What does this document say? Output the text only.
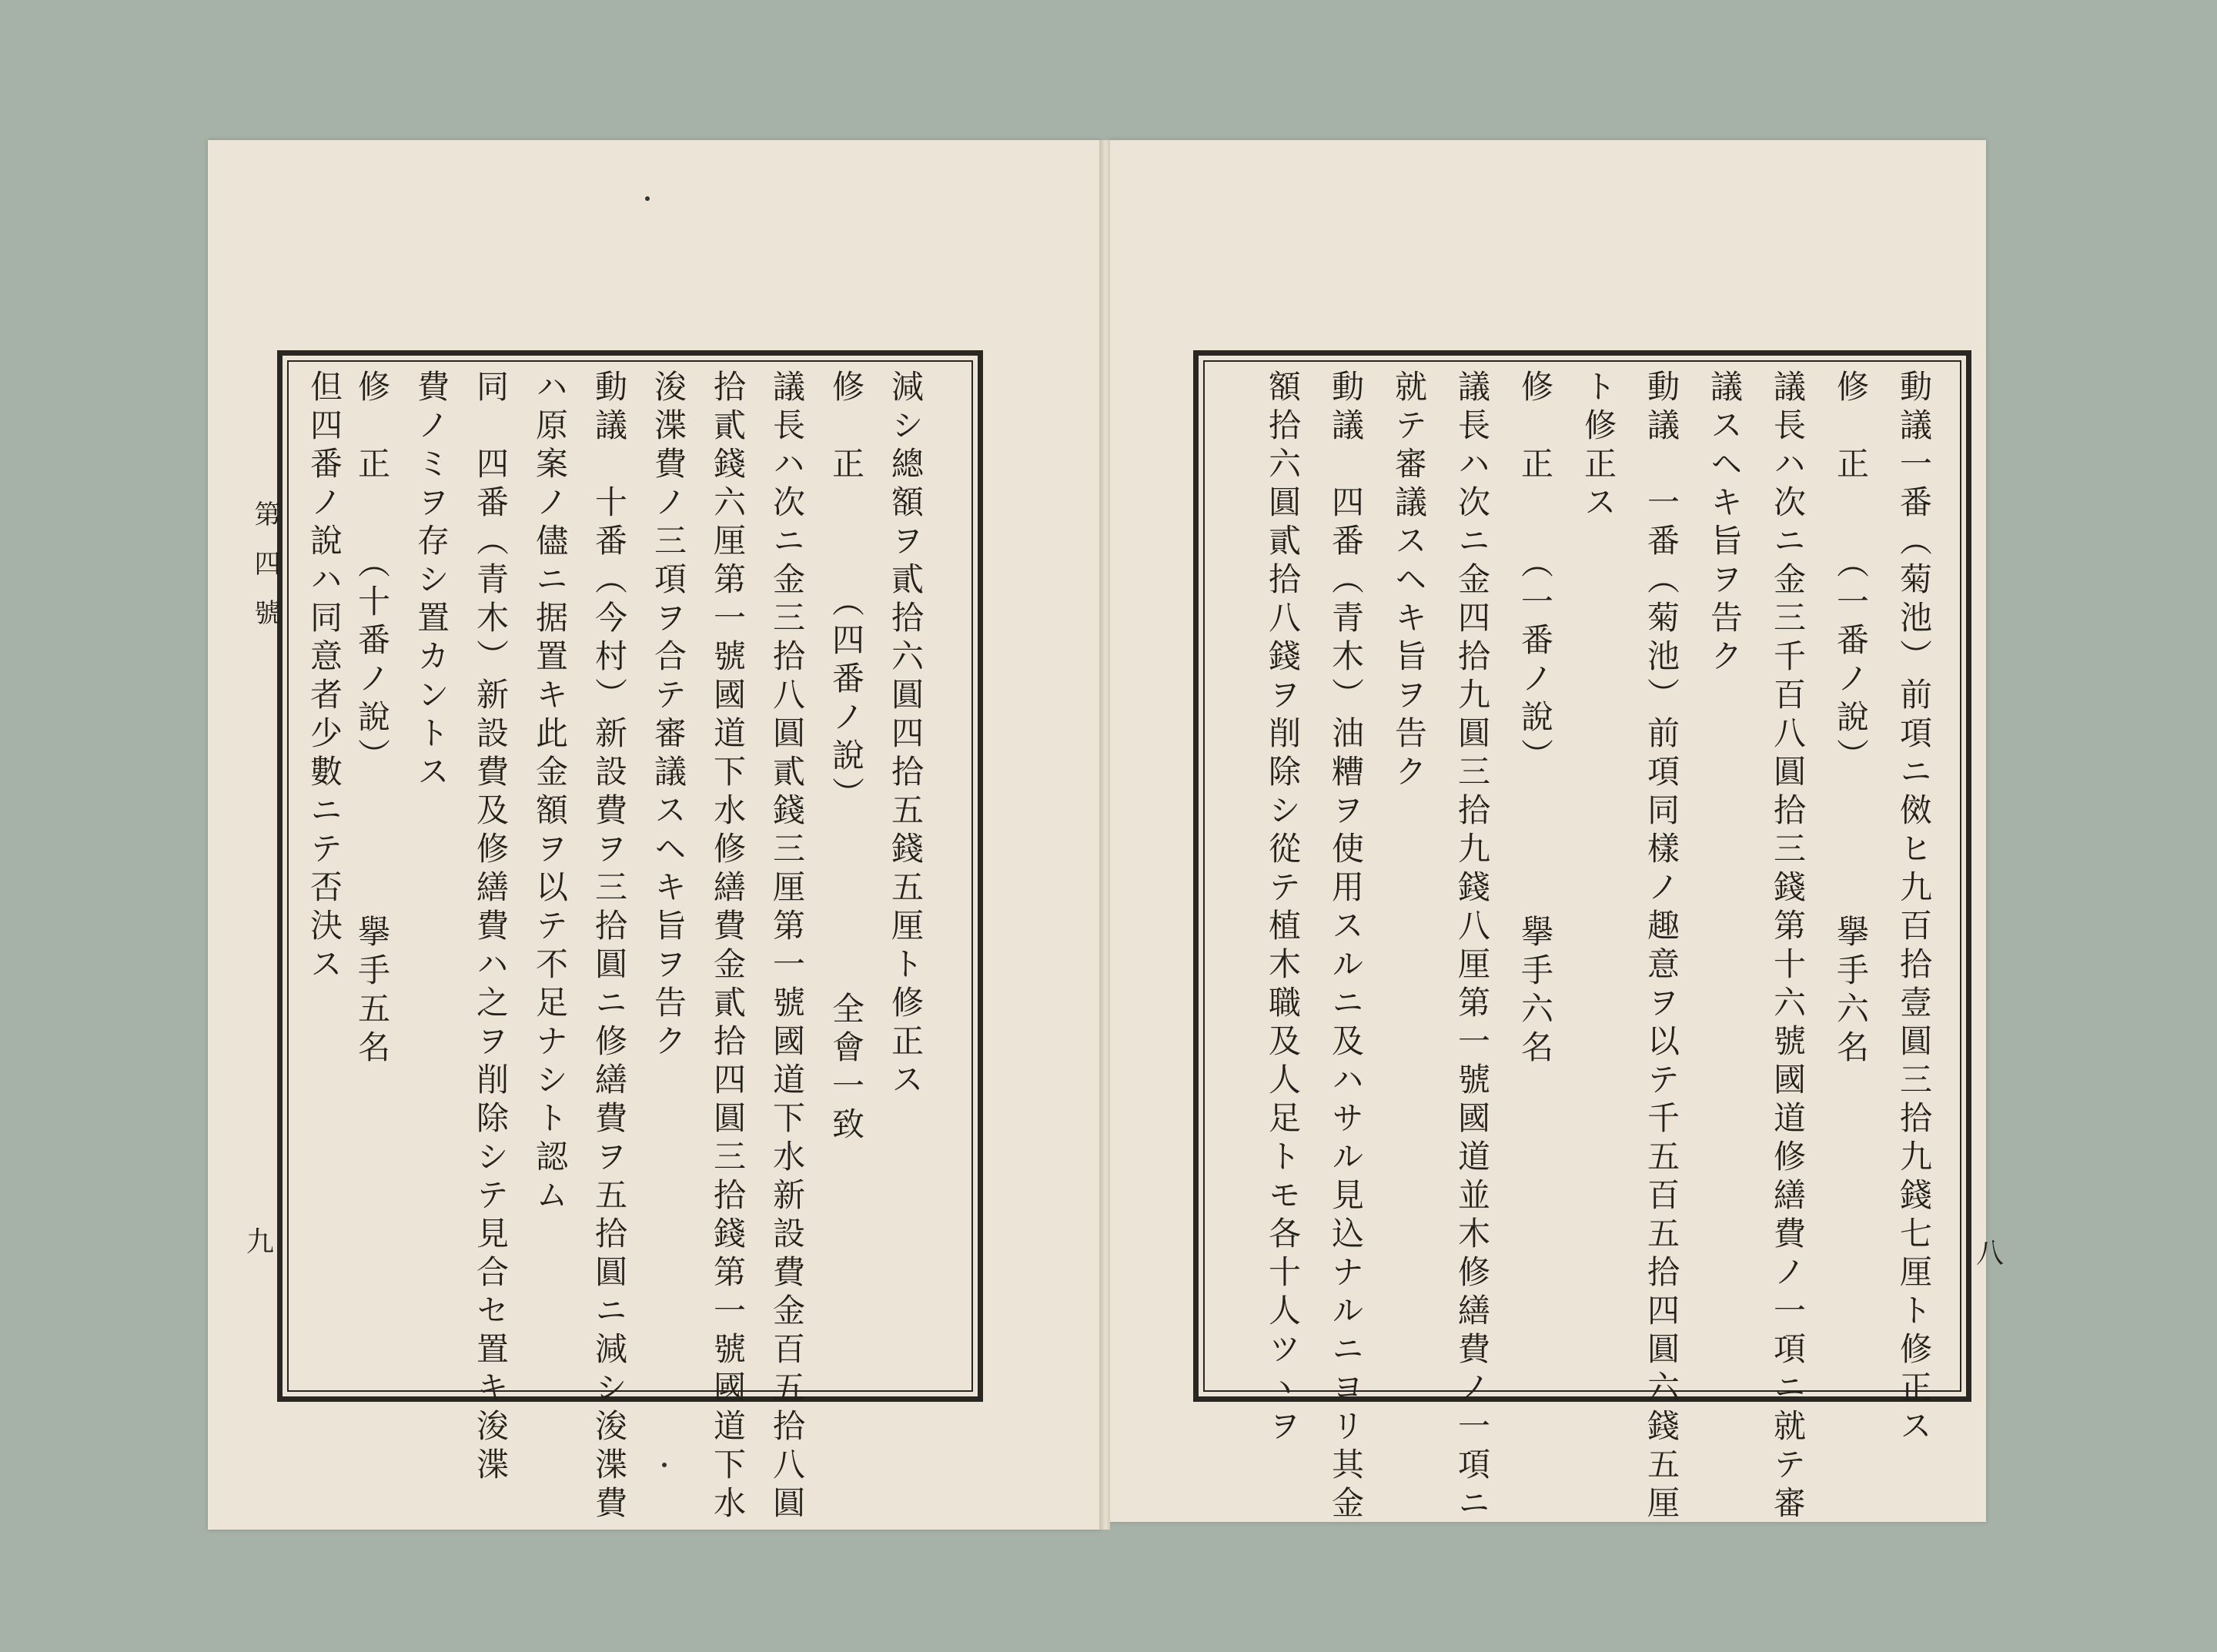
第四號
九	八
減シ總額ヲ貳拾六圓四拾五錢五厘ト修正ス
修　正　　　（四番ノ說）　　　　　全會一致
議長ハ次ニ金三拾八圓貳錢三厘第一號國道下水新設費金百五拾八圓
拾貳錢六厘第一號國道下水修繕費金貳拾四圓三拾錢第一號國道下水
浚渫費ノ三項ヲ合テ審議スヘキ旨ヲ告ク
動議　十番（今村）新設費ヲ三拾圓ニ修繕費ヲ五拾圓ニ減シ浚渫費
ハ原案ノ儘ニ据置キ此金額ヲ以テ不足ナシト認ム
同　四番（青木）新設費及修繕費ハ之ヲ削除シテ見合セ置キ浚渫
費ノミヲ存シ置カントス
修　正　　（十番ノ說）　　　　擧手五名
但四番ノ說ハ同意者少數ニテ否決ス	動議一番（菊池）前項ニ傚ヒ九百拾壹圓三拾九錢七厘ト修正ス
修　正　　（一番ノ說）　　　　擧手六名
議長ハ次ニ金三千百八圓拾三錢第十六號國道修繕費ノ一項ニ就テ審
議スヘキ旨ヲ告ク
動議　一番（菊池）前項同樣ノ趣意ヲ以テ千五百五拾四圓六錢五厘
ト修正ス
修　正　　（一番ノ說）　　　　擧手六名
議長ハ次ニ金四拾九圓三拾九錢八厘第一號國道並木修繕費ノ一項ニ
就テ審議スヘキ旨ヲ告ク
動議　四番（青木）油糟ヲ使用スルニ及ハサル見込ナルニヨリ其金
額拾六圓貳拾八錢ヲ削除シ從テ植木職及人足トモ各十人ツヽヲ
